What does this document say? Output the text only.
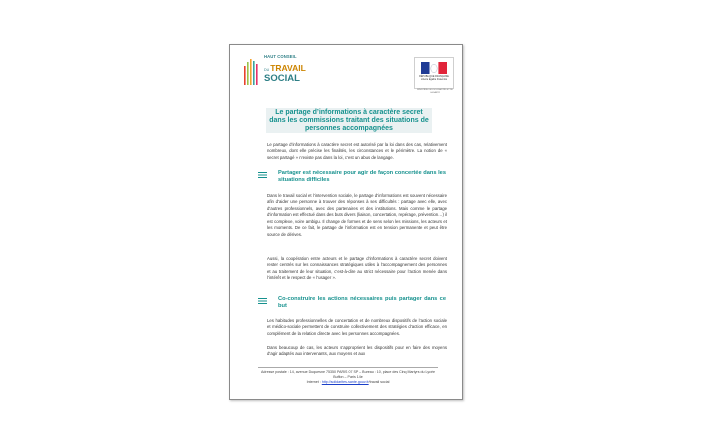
HAUT CONSEIL
DUTRAVAIL
SOCIAL	RÉPUBLIQUE FRANÇAISE
Liberté Égalité Fraternité
MINISTÈRE DES SOLIDARITÉS ET DE LA SANTÉ
Le partage d’informations à caractère secret dans les commissions traitant des situations de personnes accompagnées
Le partage d’informations à caractère secret est autorisé par la loi dans des cas, relativement nombreux, dont elle précise les finalités, les circonstances et le périmètre. La notion de « secret partagé » n’existe pas dans la loi, c’est un abus de langage.
Partager est nécessaire pour agir de façon concertée dans les situations difficiles
Dans le travail social et l’intervention sociale, le partage d’informations est souvent nécessaire afin d’aider une personne à trouver des réponses à ses difficultés : partage avec elle, avec d’autres professionnels, avec des partenaires et des institutions. Mais comme le partage d’information est effectué dans des buts divers (liaison, concertation, repérage, prévention…) il est complexe, voire ambigu. Il change de formes et de sens selon les missions, les acteurs et les moments. De ce fait, le partage de l’information est en tension permanente et peut être source de dérives.
Aussi, la coopération entre acteurs et le partage d’informations à caractère secret doivent rester centrés sur les connaissances stratégiques utiles à l’accompagnement des personnes et au traitement de leur situation, c’est-à-dire au strict nécessaire pour l’action menée dans l’intérêt et le respect de « l’usager ».
Co-construire les actions nécessaires puis partager dans ce but
Les habitudes professionnelles de concertation et de nombreux dispositifs de l’action sociale et médico-sociale permettent de construire collectivement des stratégies d’action efficace, en complément de la relation directe avec les personnes accompagnées.
Dans beaucoup de cas, les acteurs s’approprient les dispositifs pour en faire des moyens d’agir adaptés aux intervenants, aux moyens et aux
Adresse postale : 14, avenue Duquesne 75350 PARIS 07 SP – Bureau : 10, place des Cinq Martyrs du Lycée Buffon – Paris 14e
Internet : http://solidarites-sante.gouv.fr/travail social
